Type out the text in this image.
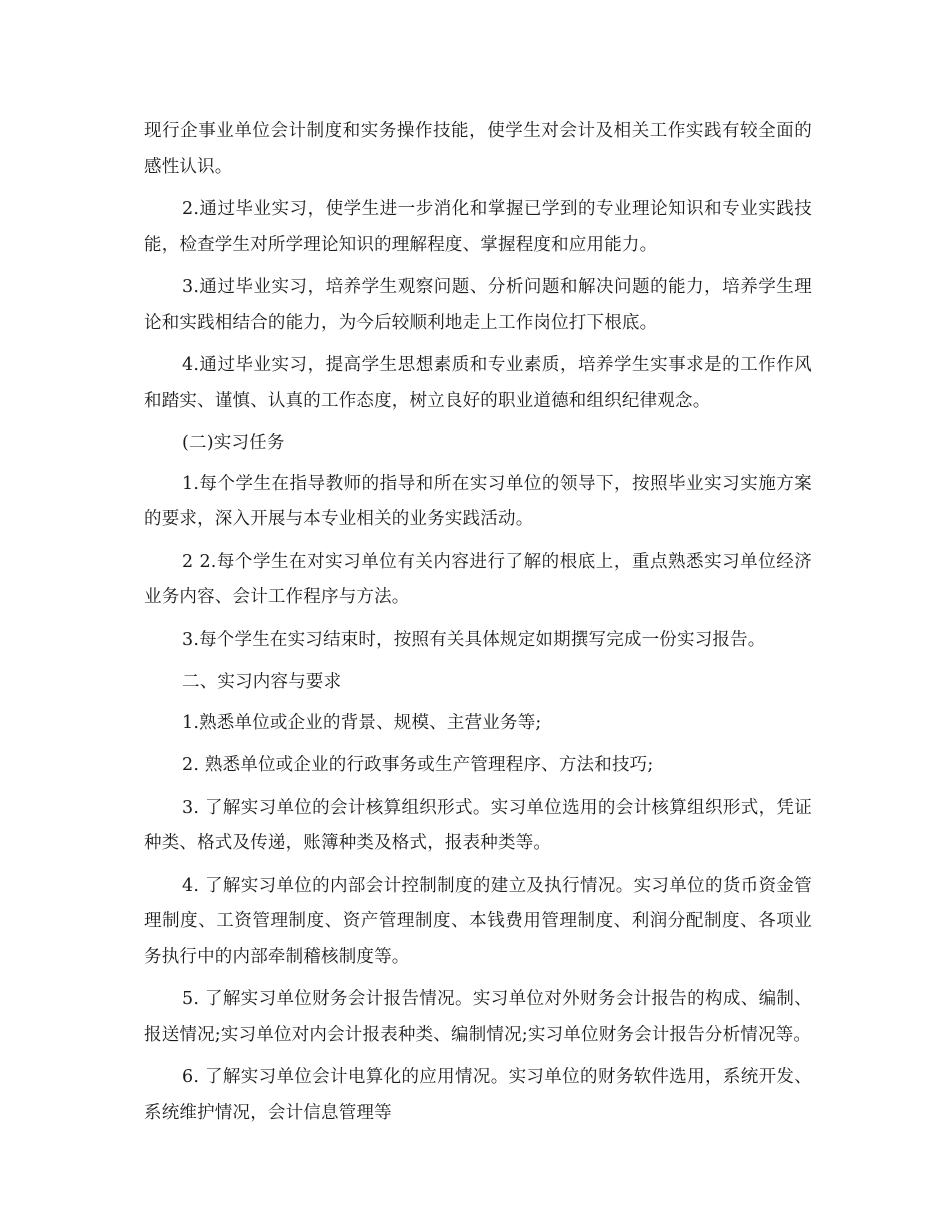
现行企事业单位会计制度和实务操作技能，使学生对会计及相关工作实践有较全面的感性认识。

2.通过毕业实习，使学生进一步消化和掌握已学到的专业理论知识和专业实践技能，检查学生对所学理论知识的理解程度、掌握程度和应用能力。

3.通过毕业实习，培养学生观察问题、分析问题和解决问题的能力，培养学生理论和实践相结合的能力，为今后较顺利地走上工作岗位打下根底。

4.通过毕业实习，提高学生思想素质和专业素质，培养学生实事求是的工作作风和踏实、谨慎、认真的工作态度，树立良好的职业道德和组织纪律观念。

(二)实习任务

1.每个学生在指导教师的指导和所在实习单位的领导下，按照毕业实习实施方案的要求，深入开展与本专业相关的业务实践活动。

2 2.每个学生在对实习单位有关内容进行了解的根底上，重点熟悉实习单位经济业务内容、会计工作程序与方法。

3.每个学生在实习结束时，按照有关具体规定如期撰写完成一份实习报告。

二、实习内容与要求

1.熟悉单位或企业的背景、规模、主营业务等;

2. 熟悉单位或企业的行政事务或生产管理程序、方法和技巧;

3. 了解实习单位的会计核算组织形式。实习单位选用的会计核算组织形式，凭证种类、格式及传递，账簿种类及格式，报表种类等。

4. 了解实习单位的内部会计控制制度的建立及执行情况。实习单位的货币资金管理制度、工资管理制度、资产管理制度、本钱费用管理制度、利润分配制度、各项业务执行中的内部牵制稽核制度等。

5. 了解实习单位财务会计报告情况。实习单位对外财务会计报告的构成、编制、报送情况;实习单位对内会计报表种类、编制情况;实习单位财务会计报告分析情况等。

6. 了解实习单位会计电算化的应用情况。实习单位的财务软件选用，系统开发、系统维护情况，会计信息管理等
